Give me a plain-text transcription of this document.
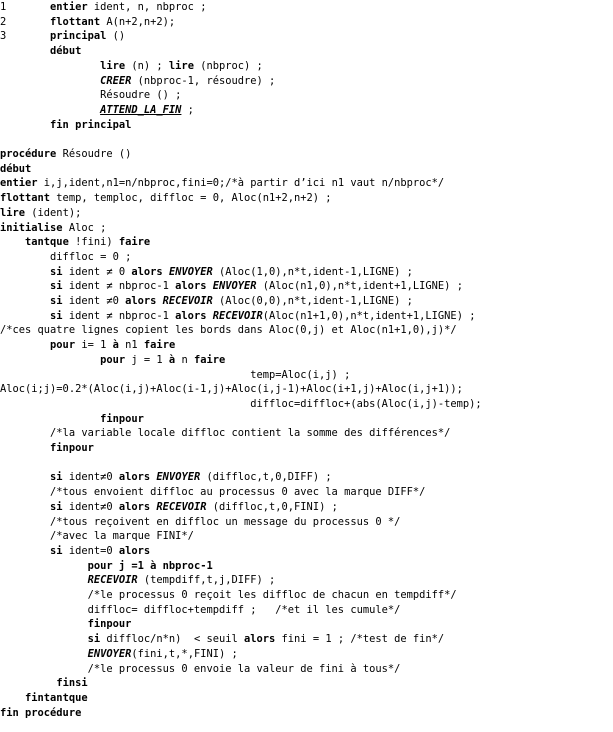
1       entier ident, n, nbproc ;
2       flottant A(n+2,n+2);
3       principal ()
début
lire (n) ; lire (nbproc) ;
CREER (nbproc-1, résoudre) ;
Résoudre () ;
ATTEND_LA_FIN ;
fin principal
procédure Résoudre ()
début
entier i,j,ident,n1=n/nbproc,fini=0;/*à partir d’ici n1 vaut n/nbproc*/
flottant temp, temploc, diffloc = 0, Aloc(n1+2,n+2) ;
lire (ident);
initialise Aloc ;
tantque !fini) faire
diffloc = 0 ;
si ident ≠ 0 alors ENVOYER (Aloc(1,0),n*t,ident-1,LIGNE) ;
si ident ≠ nbproc-1 alors ENVOYER (Aloc(n1,0),n*t,ident+1,LIGNE) ;
si ident ≠0 alors RECEVOIR (Aloc(0,0),n*t,ident-1,LIGNE) ;
si ident ≠ nbproc-1 alors RECEVOIR(Aloc(n1+1,0),n*t,ident+1,LIGNE) ;
/*ces quatre lignes copient les bords dans Aloc(0,j) et Aloc(n1+1,0),j)*/
pour i= 1 à n1 faire
pour j = 1 à n faire
temp=Aloc(i,j) ;
Aloc(i;j)=0.2*(Aloc(i,j)+Aloc(i-1,j)+Aloc(i,j-1)+Aloc(i+1,j)+Aloc(i,j+1));
diffloc=diffloc+(abs(Aloc(i,j)-temp);
finpour
/*la variable locale diffloc contient la somme des différences*/
finpour
si ident≠0 alors ENVOYER (diffloc,t,0,DIFF) ;
/*tous envoient diffloc au processus 0 avec la marque DIFF*/
si ident≠0 alors RECEVOIR (diffloc,t,0,FINI) ;
/*tous reçoivent en diffloc un message du processus 0 */
/*avec la marque FINI*/
si ident=0 alors
pour j =1 à nbproc-1
RECEVOIR (tempdiff,t,j,DIFF) ;
/*le processus 0 reçoit les diffloc de chacun en tempdiff*/
diffloc= diffloc+tempdiff ;   /*et il les cumule*/
finpour
si diffloc/n*n)  < seuil alors fini = 1 ; /*test de fin*/
ENVOYER(fini,t,*,FINI) ;
/*le processus 0 envoie la valeur de fini à tous*/
finsi
fintantque
fin procédure
